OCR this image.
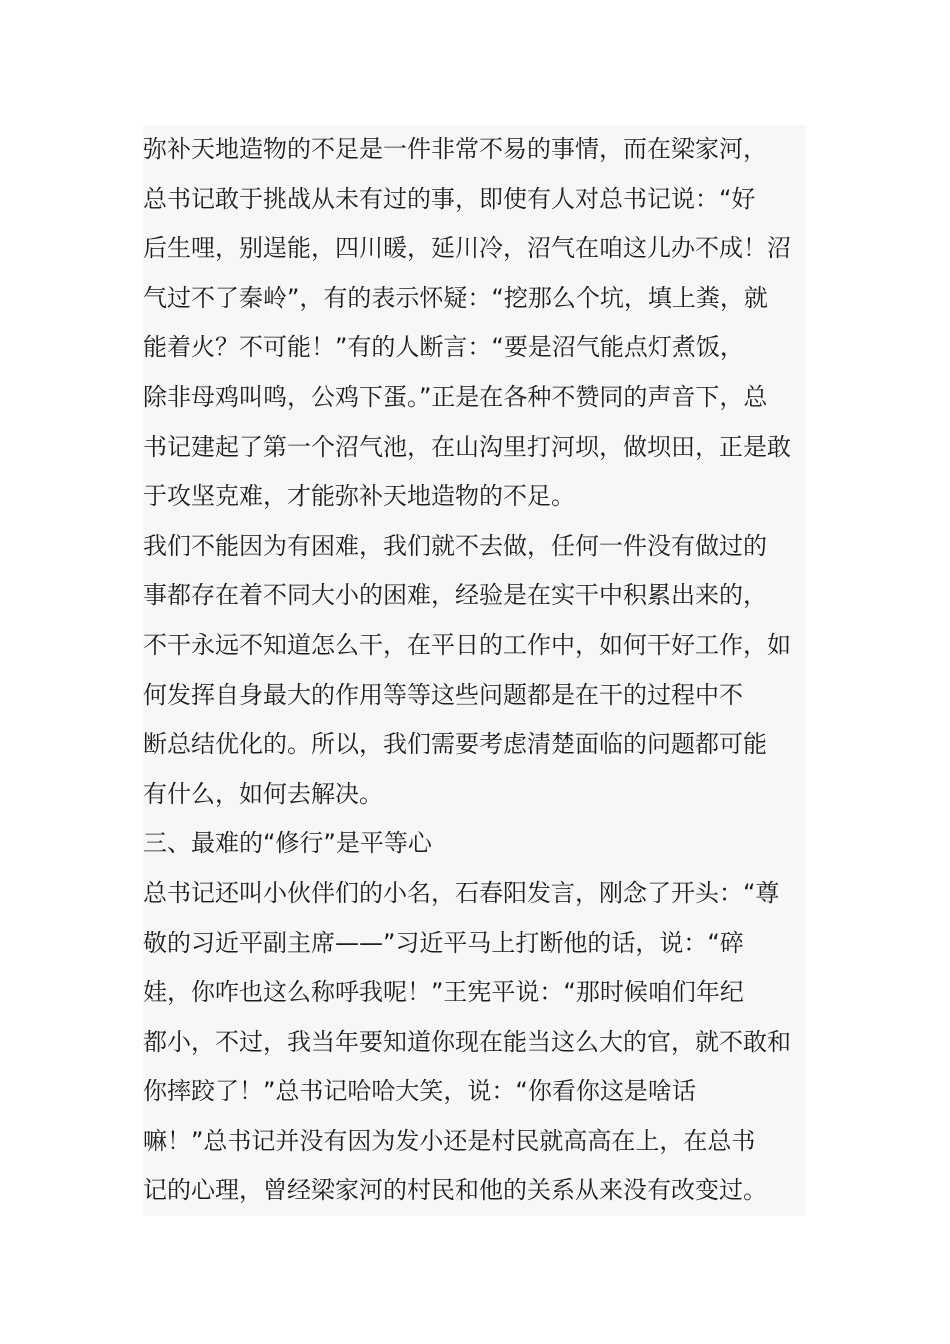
弥补天地造物的不足是一件非常不易的事情，而在梁家河，
总书记敢于挑战从未有过的事，即使有人对总书记说：“好
后生哩，别逞能，四川暖，延川冷，沼气在咱这儿办不成！沼
气过不了秦岭”，有的表示怀疑：“挖那么个坑，填上粪，就
能着火？不可能！”有的人断言：“要是沼气能点灯煮饭，
除非母鸡叫鸣，公鸡下蛋。”正是在各种不赞同的声音下，总
书记建起了第一个沼气池，在山沟里打河坝，做坝田，正是敢
于攻坚克难，才能弥补天地造物的不足。
我们不能因为有困难，我们就不去做，任何一件没有做过的
事都存在着不同大小的困难，经验是在实干中积累出来的，
不干永远不知道怎么干，在平日的工作中，如何干好工作，如
何发挥自身最大的作用等等这些问题都是在干的过程中不
断总结优化的。所以，我们需要考虑清楚面临的问题都可能
有什么，如何去解决。
三、最难的“修行”是平等心
总书记还叫小伙伴们的小名，石春阳发言，刚念了开头：“尊
敬的习近平副主席——”习近平马上打断他的话，说：“碎
娃，你咋也这么称呼我呢！”王宪平说：“那时候咱们年纪
都小，不过，我当年要知道你现在能当这么大的官，就不敢和
你摔跤了！”总书记哈哈大笑，说：“你看你这是啥话
嘛！”总书记并没有因为发小还是村民就高高在上，在总书
记的心理，曾经梁家河的村民和他的关系从来没有改变过。
